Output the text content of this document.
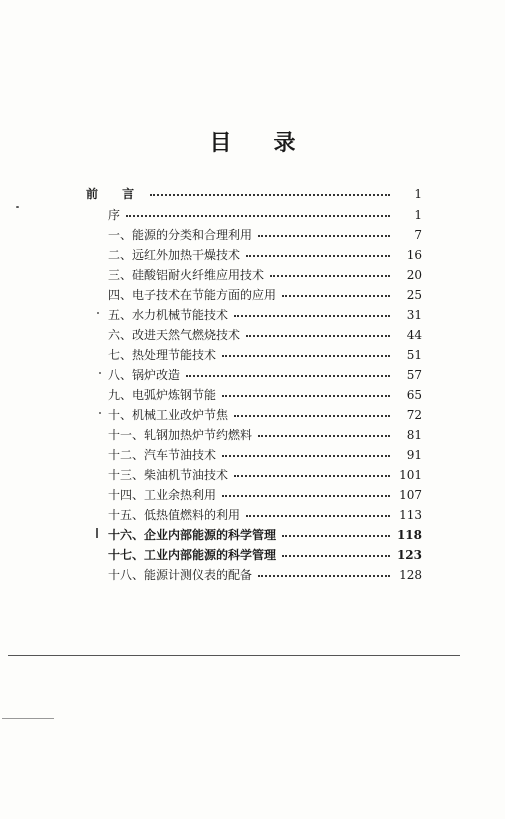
目 录
前 言	1
序	1
一、能源的分类和合理利用	7
二、远红外加热干燥技术	16
三、硅酸铝耐火纤维应用技术	20
四、电子技术在节能方面的应用	25
五、水力机械节能技术	31
六、改进天然气燃烧技术	44
七、热处理节能技术	51
八、锅炉改造	57
九、电弧炉炼钢节能	65
十、机械工业改炉节焦	72
十一、轧钢加热炉节约燃料	81
十二、汽车节油技术	91
十三、柴油机节油技术	101
十四、工业余热利用	107
十五、低热值燃料的利用	113
十六、企业内部能源的科学管理	118
十七、工业内部能源的科学管理	123
十八、能源计测仪表的配备	128
